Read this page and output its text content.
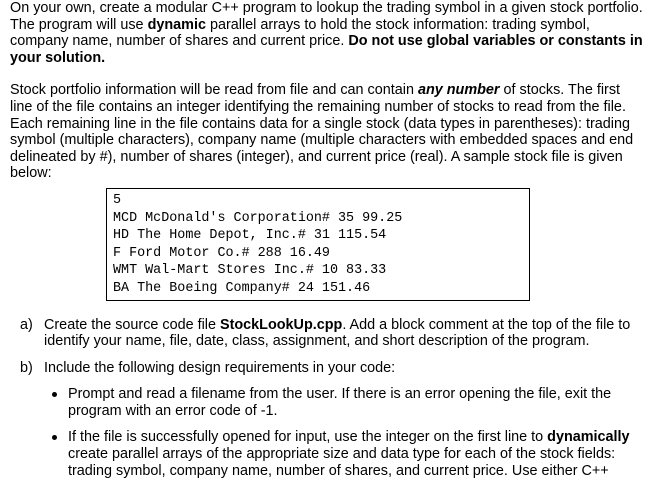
On your own, create a modular C++ program to lookup the trading symbol in a given stock portfolio. The program will use dynamic parallel arrays to hold the stock information: trading symbol, company name, number of shares and current price. Do not use global variables or constants in your solution.

Stock portfolio information will be read from file and can contain any number of stocks. The first line of the file contains an integer identifying the remaining number of stocks to read from the file. Each remaining line in the file contains data for a single stock (data types in parentheses): trading symbol (multiple characters), company name (multiple characters with embedded spaces and end delineated by #), number of shares (integer), and current price (real). A sample stock file is given below:

5
MCD McDonald's Corporation# 35 99.25
HD The Home Depot, Inc.# 31 115.54
F Ford Motor Co.# 288 16.49
WMT Wal-Mart Stores Inc.# 10 83.33
BA The Boeing Company# 24 151.46
a) Create the source code file StockLookUp.cpp. Add a block comment at the top of the file to identify your name, file, date, class, assignment, and short description of the program.
b) Include the following design requirements in your code:
Prompt and read a filename from the user. If there is an error opening the file, exit the program with an error code of -1.
If the file is successfully opened for input, use the integer on the first line to dynamically create parallel arrays of the appropriate size and data type for each of the stock fields: trading symbol, company name, number of shares, and current price. Use either C++
